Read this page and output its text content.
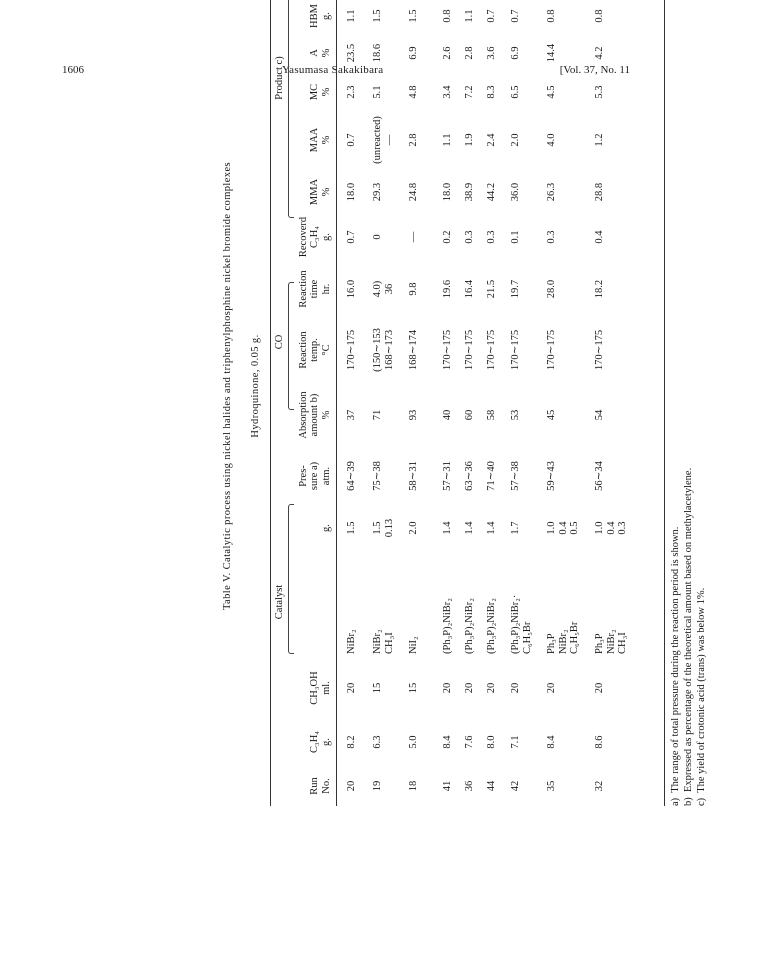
1606	Yasumasa Sakakibara	[Vol. 37, No. 11
Table V. Catalytic process using nickel halides and triphenylphosphine nickel bromide complexes Hydroquinone, 0.05 g. CO
Product c)
Run
No.
C₃H₄
g.
CH₃OH
ml.
Catalyst
g.
Pres-
sure a)
atm.
Absorption
amount b)
%
Reaction
temp.
°C
Reaction
time
hr.
Recoverd
C₃H₄
g.
MMA
%
MAA
%
MC
%
A
%
HBM
g.
20
8.2
20
NiBr₂
1.5
64∼39
37
170∼175
16.0
0.7
18.0
0.7
2.3
23.5
1.1
19
6.3
15
NiBr₂
CH₃I
1.5
0.13
75∼38
71
(150∼153
168∼173
4.0)
36
0
29.3
(unreacted)
—
5.1
18.6
1.5
18
5.0
15
NiI₂
2.0
58∼31
93
168∼174
9.8
—
24.8
2.8
4.8
6.9
1.5
41
8.4
20
(Ph₃P)₂NiBr₂
1.4
57∼31
40
170∼175
19.6
0.2
18.0
1.1
3.4
2.6
0.8
36
7.6
20
(Ph₃P)₂NiBr₂
1.4
63∼36
60
170∼175
16.4
0.3
38.9
1.9
7.2
2.8
1.1
44
8.0
20
(Ph₃P)₂NiBr₂
1.4
71∼40
58
170∼175
21.5
0.3
44.2
2.4
8.3
3.6
0.7
42
7.1
20
(Ph₃P)₂NiBr₂·
C₆H₅Br
1.7
57∼38
53
170∼175
19.7
0.1
36.0
2.0
6.5
6.9
0.7
35
8.4
20
Ph₃P
NiBr₂
C₆H₅Br
1.0
0.4
0.5
59∼43
45
170∼175
28.0
0.3
26.3
4.0
4.5
14.4
0.8
32
8.6
20
Ph₃P
NiBr₂
CH₃I
1.0
0.4
0.3
56∼34
54
170∼175
18.2
0.4
28.8
1.2
5.3
4.2
0.8
a)  The range of total pressure during the reaction period is shown. b)  Expressed as percentage of the theoretical amount based on methylacetylene. c)  The yield of crotonic acid (trans) was below 1%.
